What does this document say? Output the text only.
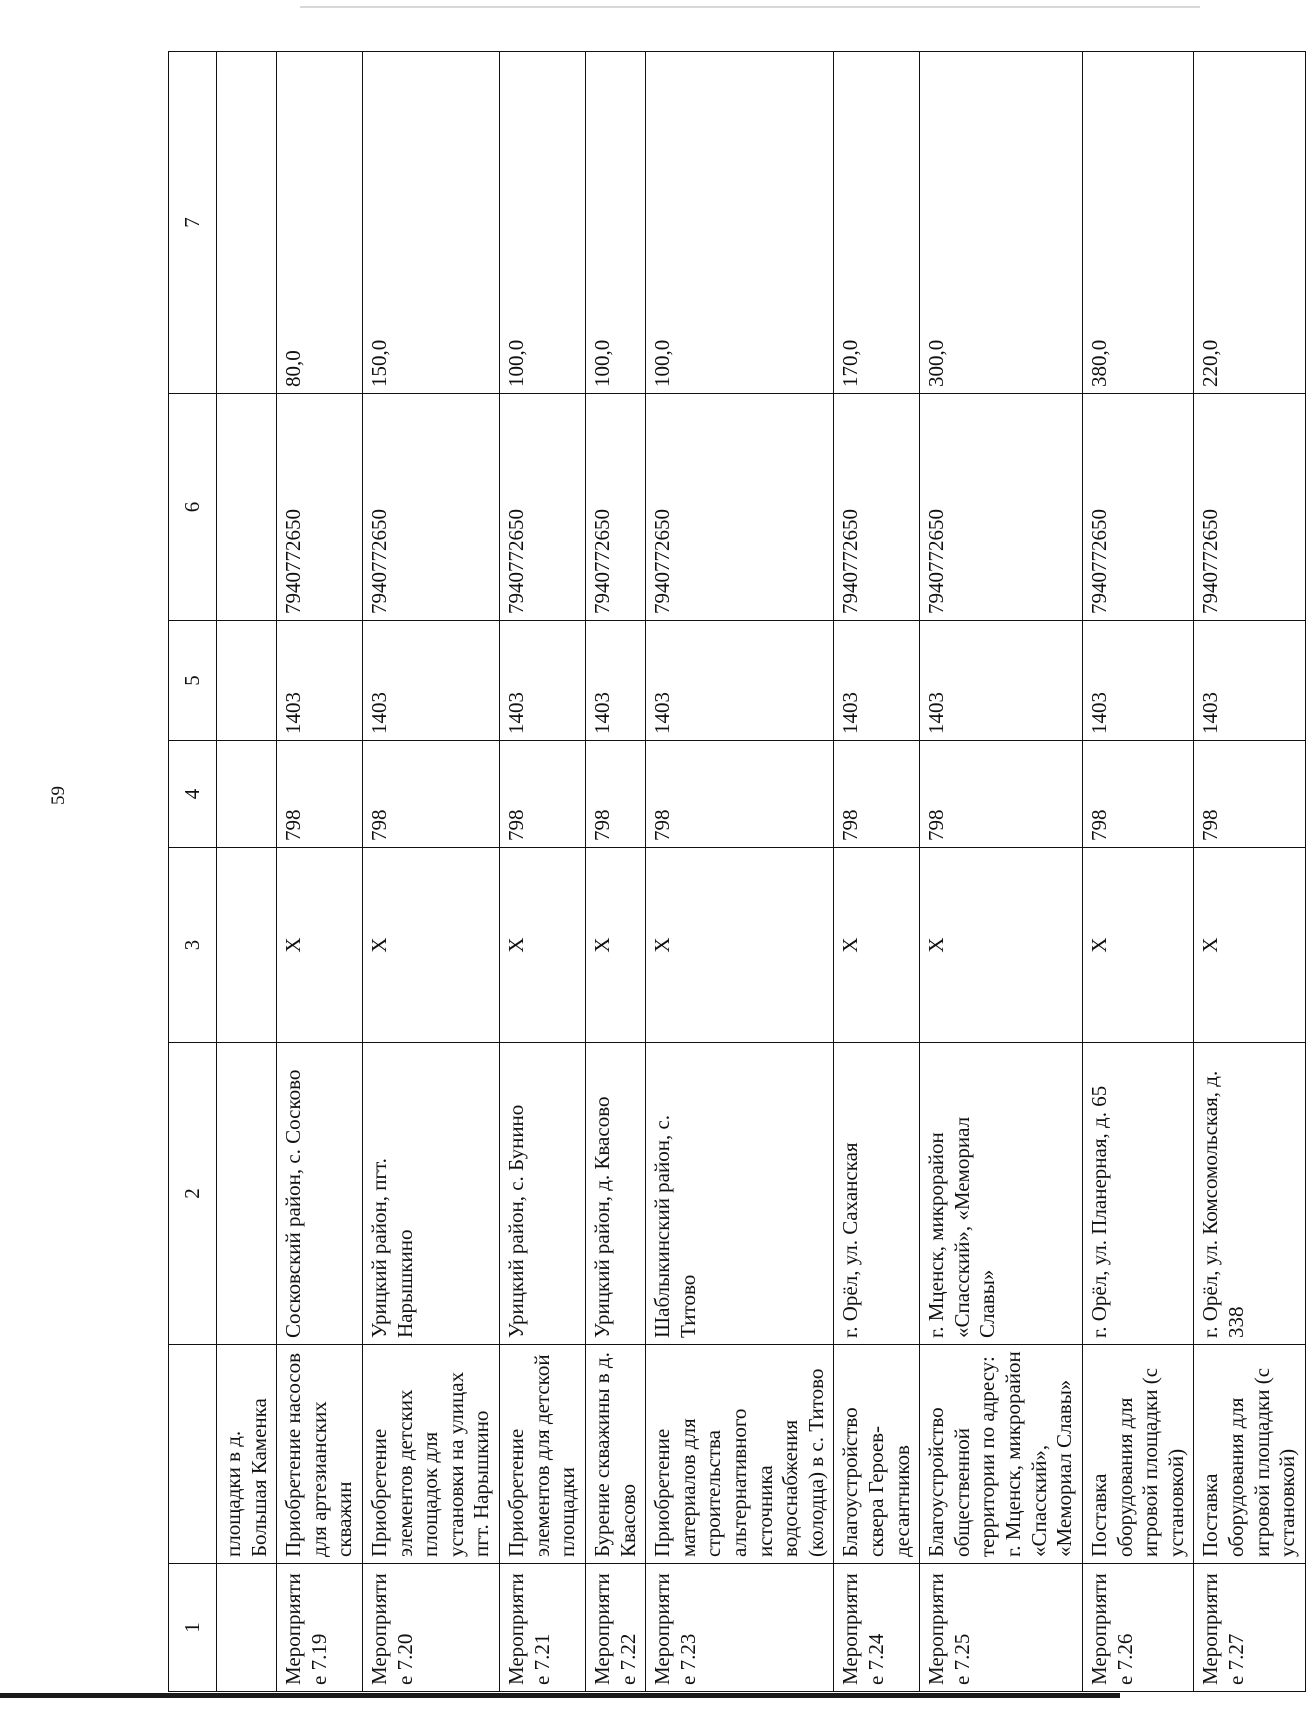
59
1		2	3	4	5	6	7
	площадки в д. Большая Каменка						
Мероприятие 7.19	Приобретение насосов для артезианских скважин	Сосковский район, с. Сосково	Х	798	1403	7940772650	80,0
Мероприятие 7.20	Приобретение элементов детских площадок для установки на улицах пгт. Нарышкино	Урицкий район, пгт. Нарышкино	Х	798	1403	7940772650	150,0
Мероприятие 7.21	Приобретение элементов для детской площадки	Урицкий район, с. Бунино	Х	798	1403	7940772650	100,0
Мероприятие 7.22	Бурение скважины в д. Квасово	Урицкий район, д. Квасово	Х	798	1403	7940772650	100,0
Мероприятие 7.23	Приобретение материалов для строительства альтернативного источника водоснабжения (колодца) в с. Титово	Шаблыкинский район, с. Титово	Х	798	1403	7940772650	100,0
Мероприятие 7.24	Благоустройство сквера Героев-десантников	г. Орёл, ул. Саханская	Х	798	1403	7940772650	170,0
Мероприятие 7.25	Благоустройство общественной территории по адресу: г. Мценск, микрорайон «Спасский», «Мемориал Славы»	г. Мценск, микрорайон «Спасский», «Мемориал Славы»	Х	798	1403	7940772650	300,0
Мероприятие 7.26	Поставка оборудования для игровой площадки (с установкой)	г. Орёл, ул. Планерная, д. 65	Х	798	1403	7940772650	380,0
Мероприятие 7.27	Поставка оборудования для игровой площадки (с установкой)	г. Орёл, ул. Комсомольская, д. 338	Х	798	1403	7940772650	220,0
